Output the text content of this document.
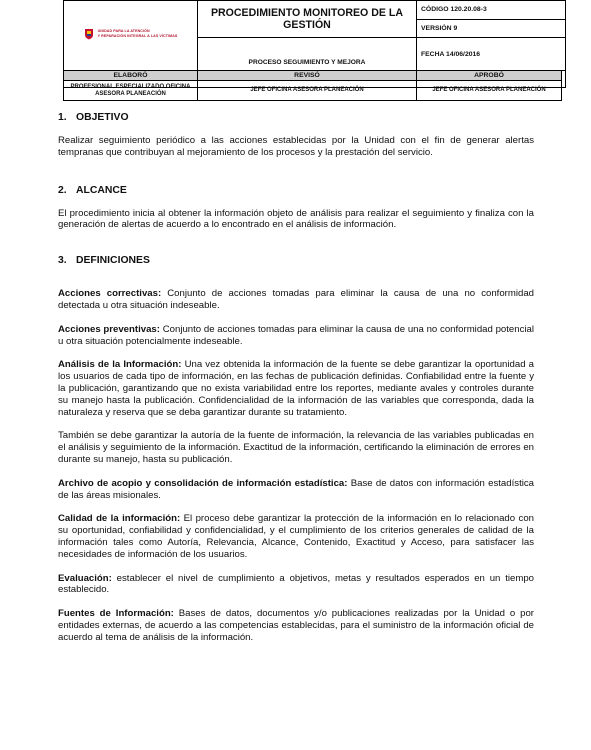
UNIDAD PARA LA ATENCIÓN
Y REPARACIÓN INTEGRAL A LAS VÍCTIMAS	PROCEDIMIENTO MONITOREO DE LA GESTIÓN	CÓDIGO 120.20.08-3
		VERSIÓN 9
	PROCESO SEGUIMIENTO Y MEJORA	FECHA 14/06/2016

ELABORÓ	REVISÓ	APROBÓ
PROFESIONAL ESPECIALIZADO OFICINA ASESORA PLANEACIÓN	JEFE OFICINA ASESORA PLANEACIÓN	JEFE OFICINA ASESORA PLANEACIÓN

1. OBJETIVO

Realizar seguimiento periódico a las acciones establecidas por la Unidad con el fin de generar alertas tempranas que contribuyan al mejoramiento de los procesos y la prestación del servicio.

2. ALCANCE

El procedimiento inicia al obtener la información objeto de análisis para realizar el seguimiento y finaliza con la generación de alertas de acuerdo a lo encontrado en el análisis de información.

3. DEFINICIONES

Acciones correctivas: Conjunto de acciones tomadas para eliminar la causa de una no conformidad detectada u otra situación indeseable.

Acciones preventivas: Conjunto de acciones tomadas para eliminar la causa de una no conformidad potencial u otra situación potencialmente indeseable.

Análisis de la Información: Una vez obtenida la información de la fuente se debe garantizar la oportunidad a los usuarios de cada tipo de información, en las fechas de publicación definidas. Confiabilidad entre la fuente y la publicación, garantizando que no exista variabilidad entre los reportes, mediante avales y controles durante su manejo hasta la publicación. Confidencialidad de la información de las variables que corresponda, dada la naturaleza y reserva que se deba garantizar durante su tratamiento.

También se debe garantizar la autoría de la fuente de información, la relevancia de las variables publicadas en el análisis y seguimiento de la información. Exactitud de la información, certificando la eliminación de errores en durante su manejo, hasta su publicación.

Archivo de acopio y consolidación de información estadística: Base de datos con información estadística de las áreas misionales.

Calidad de la información: El proceso debe garantizar la protección de la información en lo relacionado con su oportunidad, confiabilidad y confidencialidad, y el cumplimiento de los criterios generales de calidad de la información tales como Autoría, Relevancia, Alcance, Contenido, Exactitud y Acceso, para satisfacer las necesidades de información de los usuarios.

Evaluación: establecer el nivel de cumplimiento a objetivos, metas y resultados esperados en un tiempo establecido.

Fuentes de Información: Bases de datos, documentos y/o publicaciones realizadas por la Unidad o por entidades externas, de acuerdo a las competencias establecidas, para el suministro de la información oficial de acuerdo al tema de análisis de la información.
